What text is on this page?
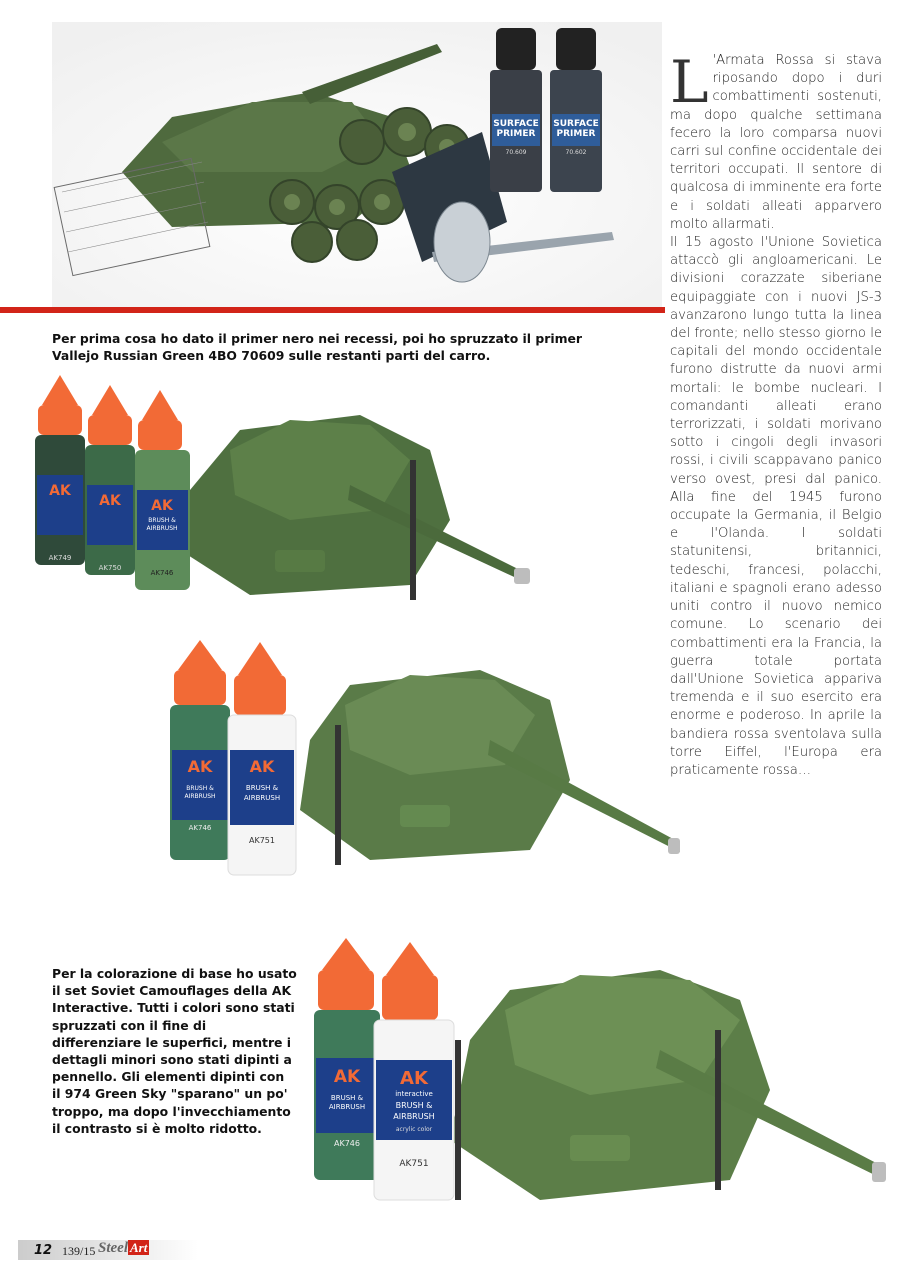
SURFACE
PRIMER
70.609
SURFACE
PRIMER
70.602
Per prima cosa ho dato il primer nero nei recessi, poi ho spruzzato il primer Vallejo Russian Green 4BO 70609 sulle restanti parti del carro.
AK
AK749
AK
AK750
AK
BRUSH &
AIRBRUSH
AK746
AK
BRUSH &
AIRBRUSH
AK746
AK
BRUSH &
AIRBRUSH
AK751
AK
BRUSH &
AIRBRUSH
AK746
AK
interactive
BRUSH &
AIRBRUSH
acrylic color
AK751
Per la colorazione di base ho usato il set Soviet Camouflages della AK Interactive. Tutti i colori sono stati spruzzati con il fine di differenziare le superfici, mentre i dettagli minori sono stati dipinti a pennello. Gli elementi dipinti con il 974 Green Sky "sparano" un po' troppo, ma dopo l'invecchiamento il contrasto si è molto ridotto.
L 'Armata Rossa si stava riposando dopo i duri combattimenti sostenuti, ma dopo qualche settimana fecero la loro comparsa nuovi carri sul confine occidentale dei territori occupati. Il sentore di qualcosa di imminente era forte e i soldati alleati apparvero molto allarmati.

Il 15 agosto l'Unione Sovietica attaccò gli angloamericani. Le divisioni corazzate siberiane equipaggiate con i nuovi JS-3 avanzarono lungo tutta la linea del fronte; nello stesso giorno le capitali del mondo occidentale furono distrutte da nuovi armi mortali: le bombe nucleari. I comandanti alleati erano terrorizzati, i soldati morivano sotto i cingoli degli invasori rossi, i civili scappavano panico verso ovest, presi dal panico. Alla fine del 1945 furono occupate la Germania, il Belgio e l'Olanda. I soldati statunitensi, britannici, tedeschi, francesi, polacchi, italiani e spagnoli erano adesso uniti contro il nuovo nemico comune. Lo scenario dei combattimenti era la Francia, la guerra totale portata dall'Unione Sovietica appariva tremenda e il suo esercito era enorme e poderoso. In aprile la bandiera rossa sventolava sulla torre Eiffel, l'Europa era praticamente rossa…

12 139/15 Steel Art
